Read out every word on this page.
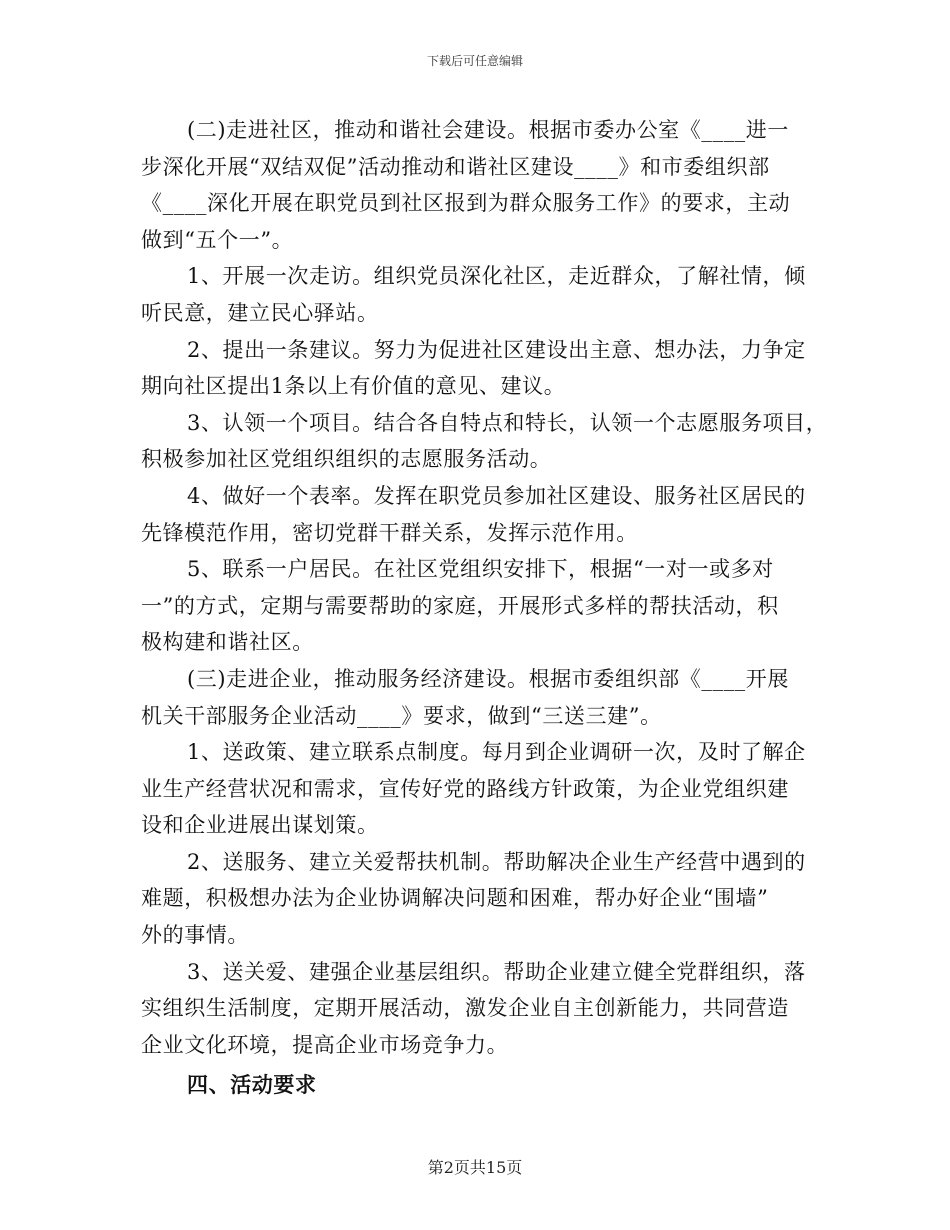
下载后可任意编辑
(二)走进社区，推动和谐社会建设。根据市委办公室《____进一
步深化开展“双结双促”活动推动和谐社区建设____》和市委组织部
《____深化开展在职党员到社区报到为群众服务工作》的要求，主动
做到“五个一”。
1、开展一次走访。组织党员深化社区，走近群众，了解社情，倾
听民意，建立民心驿站。
2、提出一条建议。努力为促进社区建设出主意、想办法，力争定
期向社区提出1条以上有价值的意见、建议。
3、认领一个项目。结合各自特点和特长，认领一个志愿服务项目，
积极参加社区党组织组织的志愿服务活动。
4、做好一个表率。发挥在职党员参加社区建设、服务社区居民的
先锋模范作用，密切党群干群关系，发挥示范作用。
5、联系一户居民。在社区党组织安排下，根据“一对一或多对
一”的方式，定期与需要帮助的家庭，开展形式多样的帮扶活动，积
极构建和谐社区。
(三)走进企业，推动服务经济建设。根据市委组织部《____开展
机关干部服务企业活动____》要求，做到“三送三建”。
1、送政策、建立联系点制度。每月到企业调研一次，及时了解企
业生产经营状况和需求，宣传好党的路线方针政策，为企业党组织建
设和企业进展出谋划策。
2、送服务、建立关爱帮扶机制。帮助解决企业生产经营中遇到的
难题，积极想办法为企业协调解决问题和困难，帮办好企业“围墙”
外的事情。
3、送关爱、建强企业基层组织。帮助企业建立健全党群组织，落
实组织生活制度，定期开展活动，激发企业自主创新能力，共同营造
企业文化环境，提高企业市场竞争力。
四、活动要求
第2页共15页
